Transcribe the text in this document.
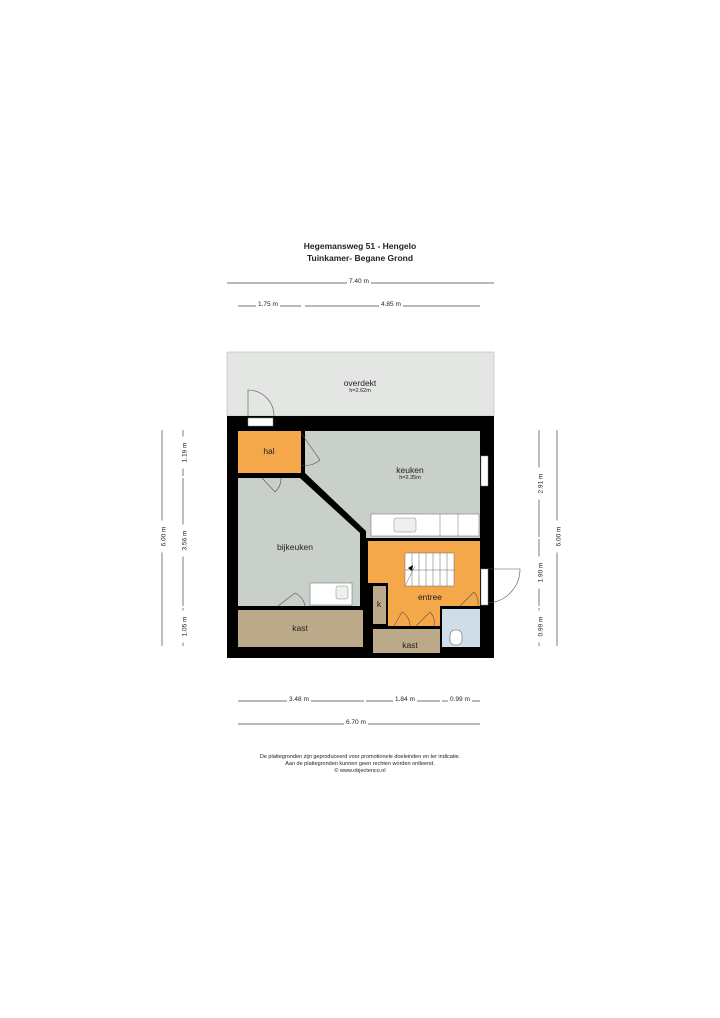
Hegemansweg 51 - Hengelo
Tuinkamer- Begane Grond
overdekt
h=2.62m
hal
keuken
h=2.35m
bijkeuken
entree
k
kast
kast
7.40 m
1.75 m	4.85 m
3.48 m	1.84 m	0.99 m
6.70 m
6.00 m
1.19 m
3.56 m
1.05 m
2.91 m
1.90 m
0.99 m
6.00 m
De plattegronden zijn geproduceerd voor promotionele doeleinden en ter indicatie.
Aan de plattegronden kunnen geen rechten worden ontleend.
© www.objectenco.nl
